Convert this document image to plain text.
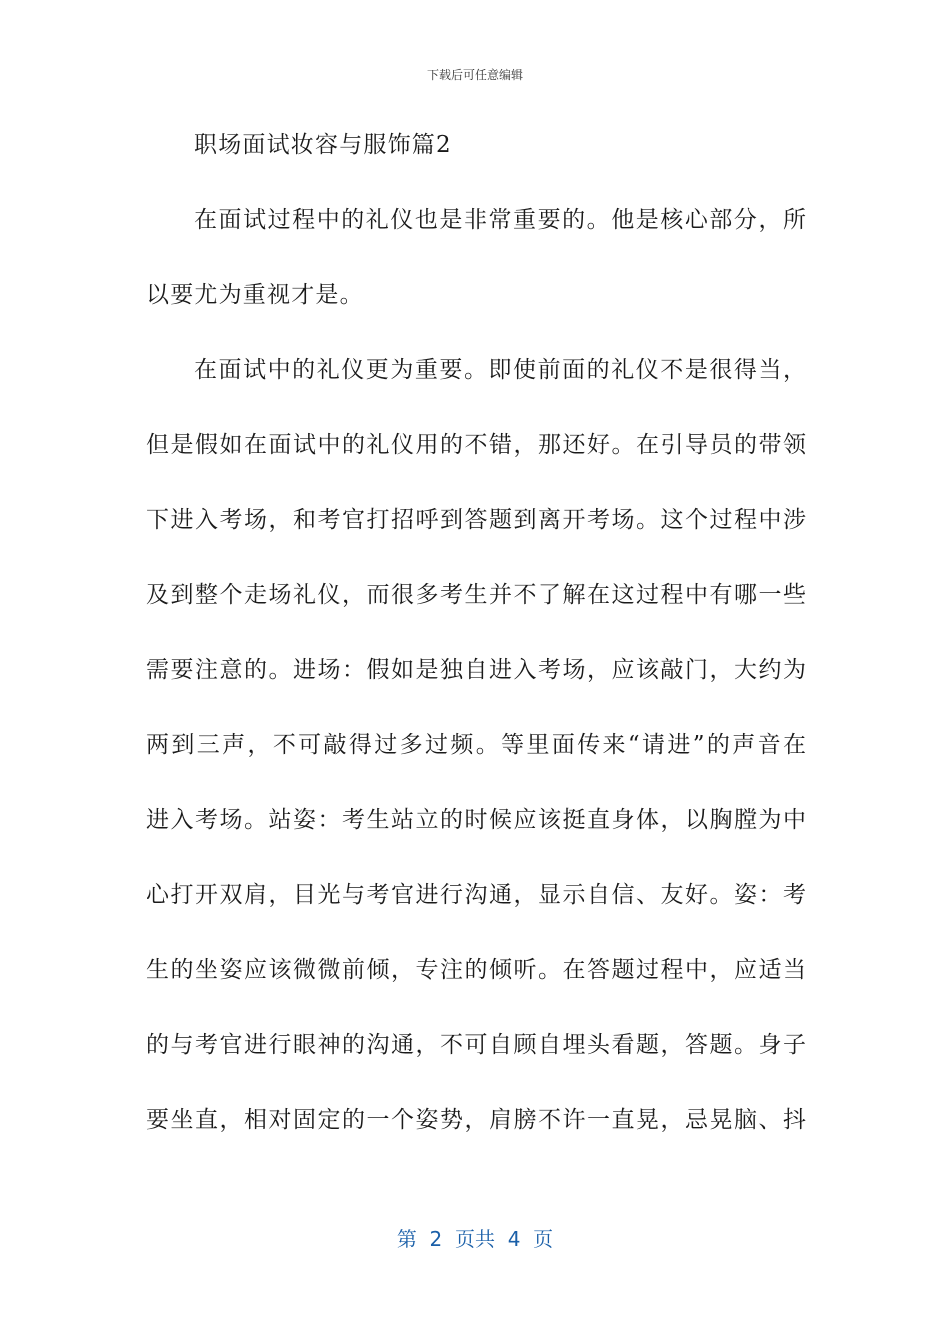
下载后可任意编辑
职场面试妆容与服饰篇2
在面试过程中的礼仪也是非常重要的。他是核心部分，所
以要尤为重视才是。
在面试中的礼仪更为重要。即使前面的礼仪不是很得当，
但是假如在面试中的礼仪用的不错，那还好。在引导员的带领
下进入考场，和考官打招呼到答题到离开考场。这个过程中涉
及到整个走场礼仪，而很多考生并不了解在这过程中有哪一些
需要注意的。进场：假如是独自进入考场，应该敲门，大约为
两到三声，不可敲得过多过频。等里面传来“请进”的声音在
进入考场。站姿：考生站立的时候应该挺直身体，以胸膛为中
心打开双肩，目光与考官进行沟通，显示自信、友好。姿：考
生的坐姿应该微微前倾，专注的倾听。在答题过程中，应适当
的与考官进行眼神的沟通，不可自顾自埋头看题，答题。身子
要坐直，相对固定的一个姿势，肩膀不许一直晃，忌晃脑、抖
第  2  页共  4  页
